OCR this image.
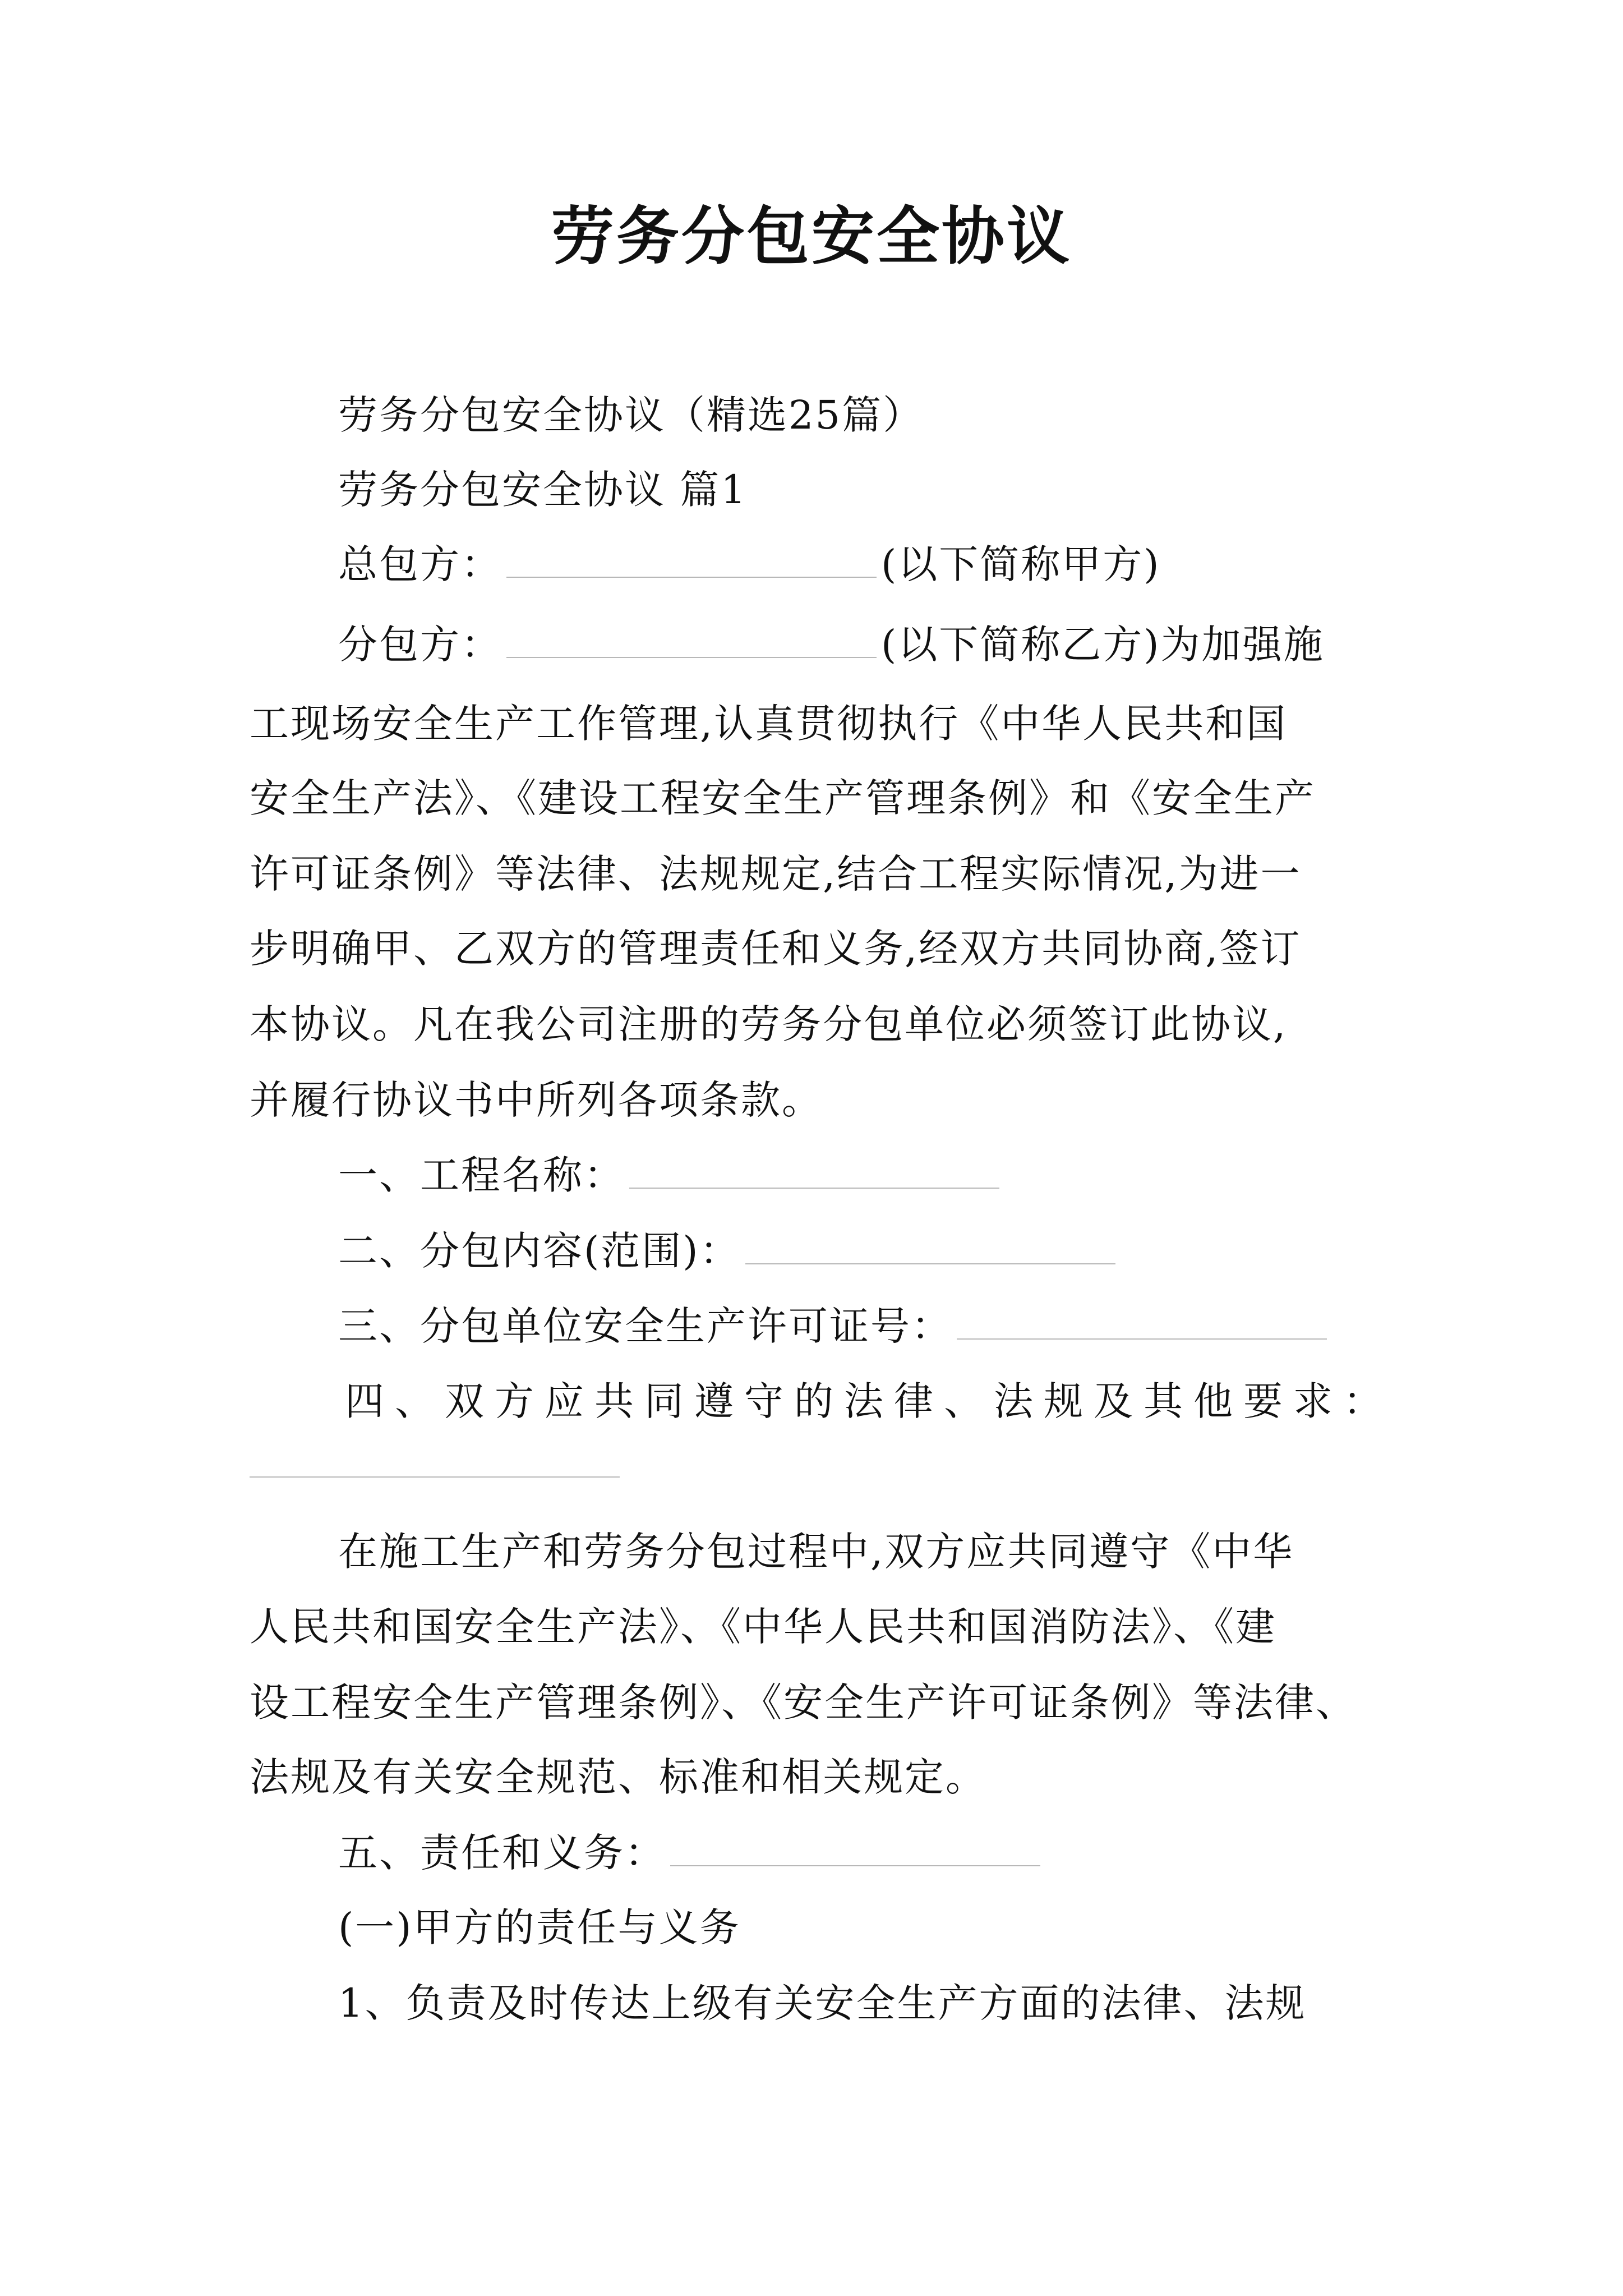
劳务分包安全协议
劳务分包安全协议（精选25篇）
劳务分包安全协议 篇1
总包方：	(以下简称甲方)
分包方：	(以下简称乙方)为加强施
工现场安全生产工作管理,认真贯彻执行《中华人民共和国
安全生产法》、《建设工程安全生产管理条例》和《安全生产
许可证条例》等法律、法规规定,结合工程实际情况,为进一
步明确甲、乙双方的管理责任和义务,经双方共同协商,签订
本协议。凡在我公司注册的劳务分包单位必须签订此协议,
并履行协议书中所列各项条款。
一、工程名称：
二、分包内容(范围)：
三、分包单位安全生产许可证号：
四、双方应共同遵守的法律、法规及其他要求：
在施工生产和劳务分包过程中,双方应共同遵守《中华
人民共和国安全生产法》、《中华人民共和国消防法》、《建
设工程安全生产管理条例》、《安全生产许可证条例》等法律、
法规及有关安全规范、标准和相关规定。
五、责任和义务：
(一)甲方的责任与义务
1、负责及时传达上级有关安全生产方面的法律、法规
